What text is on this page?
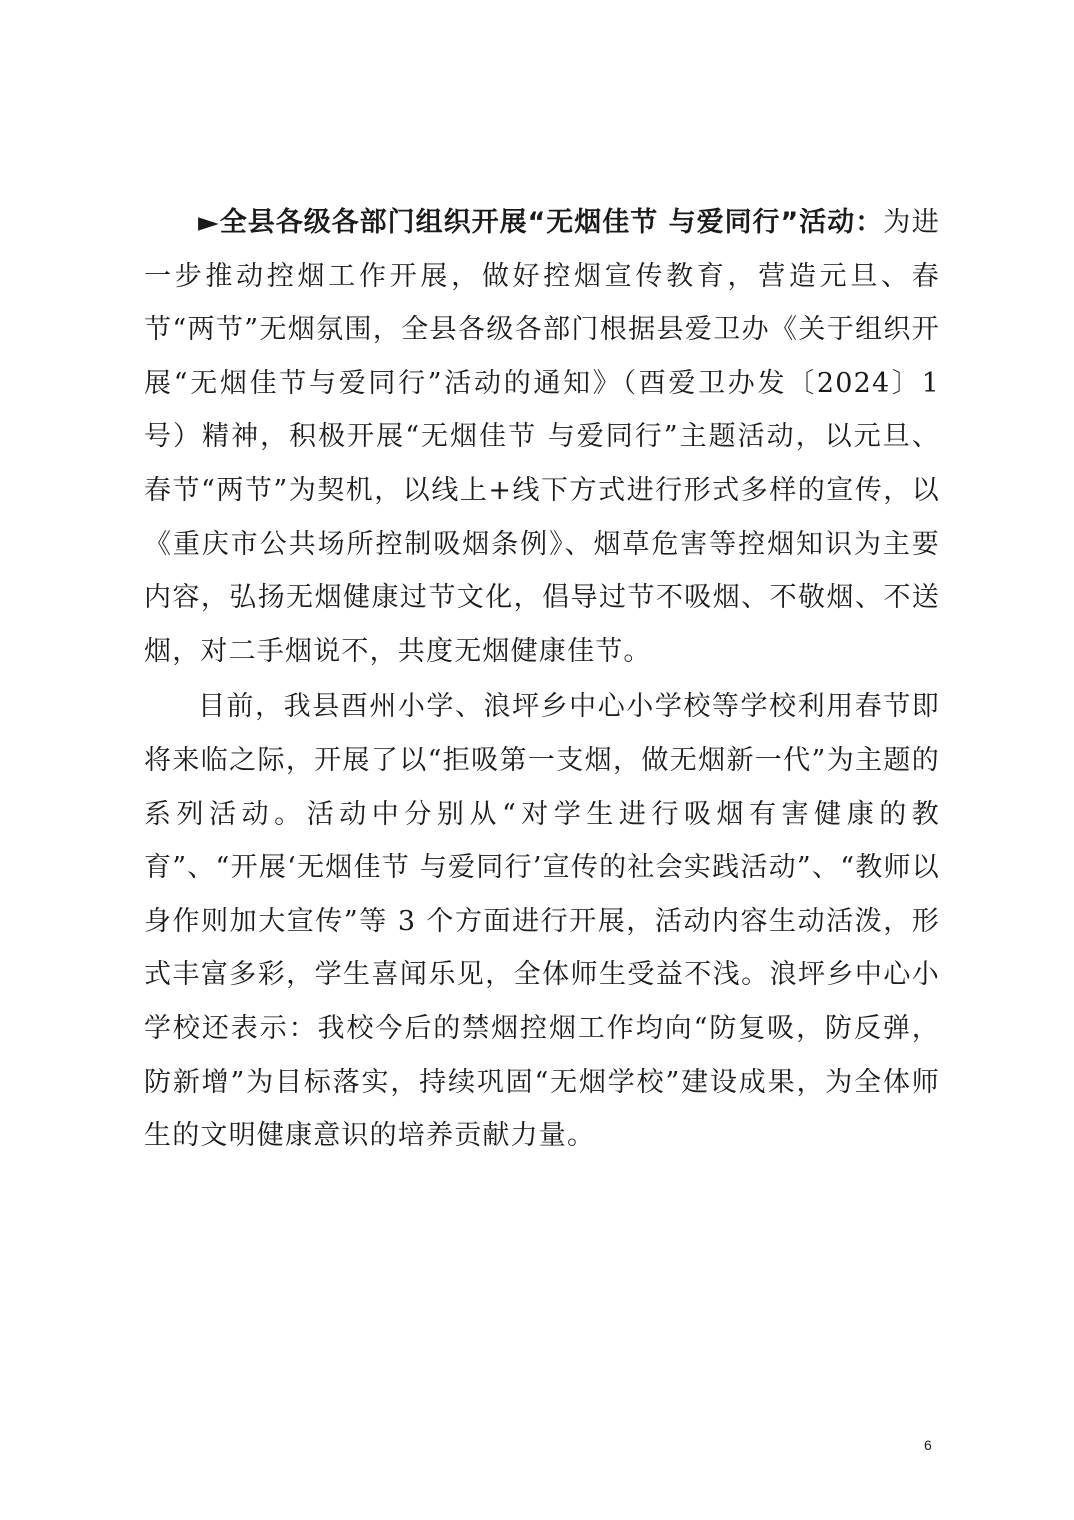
►全县各级各部门组织开展“无烟佳节 与爱同行”活动：为进一步推动控烟工作开展，做好控烟宣传教育，营造元旦、春节“两节”无烟氛围，全县各级各部门根据县爱卫办《关于组织开展“无烟佳节与爱同行”活动的通知》（酉爱卫办发〔2024〕1 号）精神，积极开展“无烟佳节 与爱同行”主题活动，以元旦、春节“两节”为契机，以线上+线下方式进行形式多样的宣传，以《重庆市公共场所控制吸烟条例》、烟草危害等控烟知识为主要内容，弘扬无烟健康过节文化，倡导过节不吸烟、不敬烟、不送烟，对二手烟说不，共度无烟健康佳节。

目前，我县酉州小学、浪坪乡中心小学校等学校利用春节即将来临之际，开展了以“拒吸第一支烟，做无烟新一代”为主题的系列活动。活动中分别从“对学生进行吸烟有害健康的教育”、“开展‘无烟佳节 与爱同行’宣传的社会实践活动”、“教师以身作则加大宣传”等 3 个方面进行开展，活动内容生动活泼，形式丰富多彩，学生喜闻乐见，全体师生受益不浅。浪坪乡中心小学校还表示：我校今后的禁烟控烟工作均向“防复吸，防反弹，防新增”为目标落实，持续巩固“无烟学校”建设成果，为全体师生的文明健康意识的培养贡献力量。

6
